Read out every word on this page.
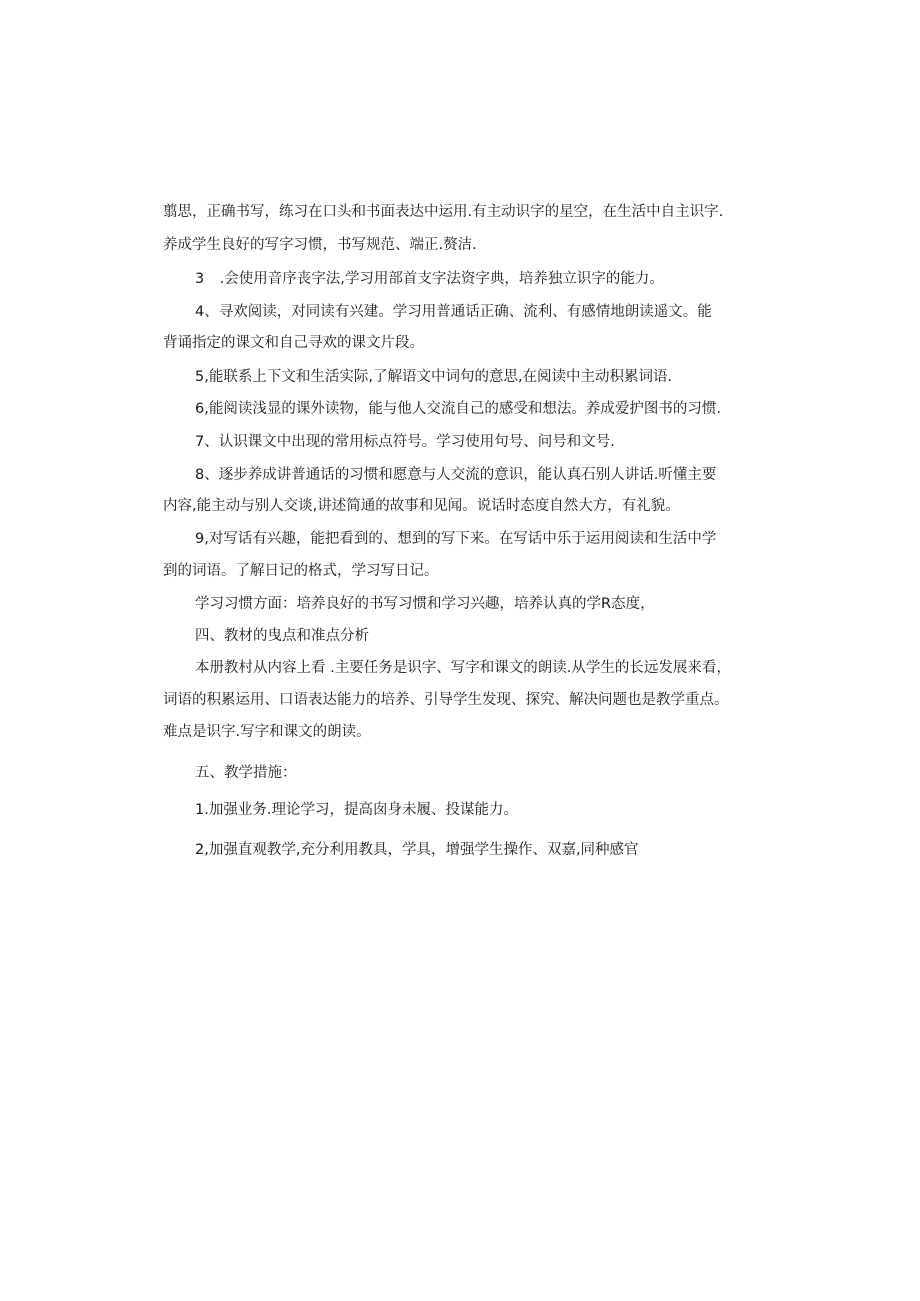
翦思，正确书写，练习在口头和书面表达中运用.有主动识字的星空，在生活中自主识字.
养成学生良好的写字习惯，书写规范、端正.赘洁.
3 .会使用音序丧字法,学习用部首支字法资字典，培养独立识字的能力。
4、寻欢阅读，对同读有兴建。学习用普通话正确、流利、有感情地朗读遥文。能
背诵指定的课文和自己寻欢的课文片段。
5,能联系上下文和生活实际,了解语文中词句的意思,在阅读中主动积累词语.
6,能阅读浅显的课外读物，能与他人交流自己的感受和想法。养成爱护图书的习惯.
7、认识课文中出现的常用标点符号。学习使用句号、问号和文号.
8、逐步养成讲普通话的习惯和愿意与人交流的意识，能认真石别人讲话.听懂主要
内容,能主动与别人交谈,讲述简通的故事和见闻。说话时态度自然大方，有礼貌。
9,对写话有兴趣，能把看到的、想到的写下来。在写话中乐于运用阅读和生活中学
到的词语。了解日记的格式，学习写日记。
学习习惯方面：培养良好的书写习惯和学习兴趣，培养认真的学R态度，
四、教材的曳点和准点分析
本册教村从内容上看 .主要任务是识字、写字和课文的朗读.从学生的长远发展来看，
词语的积累运用、口语表达能力的培养、引导学生发现、探究、解决问题也是教学重点。
难点是识字.写字和课文的朗读。
五、教学措施：
1.加强业务.理论学习，提高囱身未履、投谋能力。
2,加强直观教学,充分利用教具，学具，增强学生操作、双嘉,同种感官
